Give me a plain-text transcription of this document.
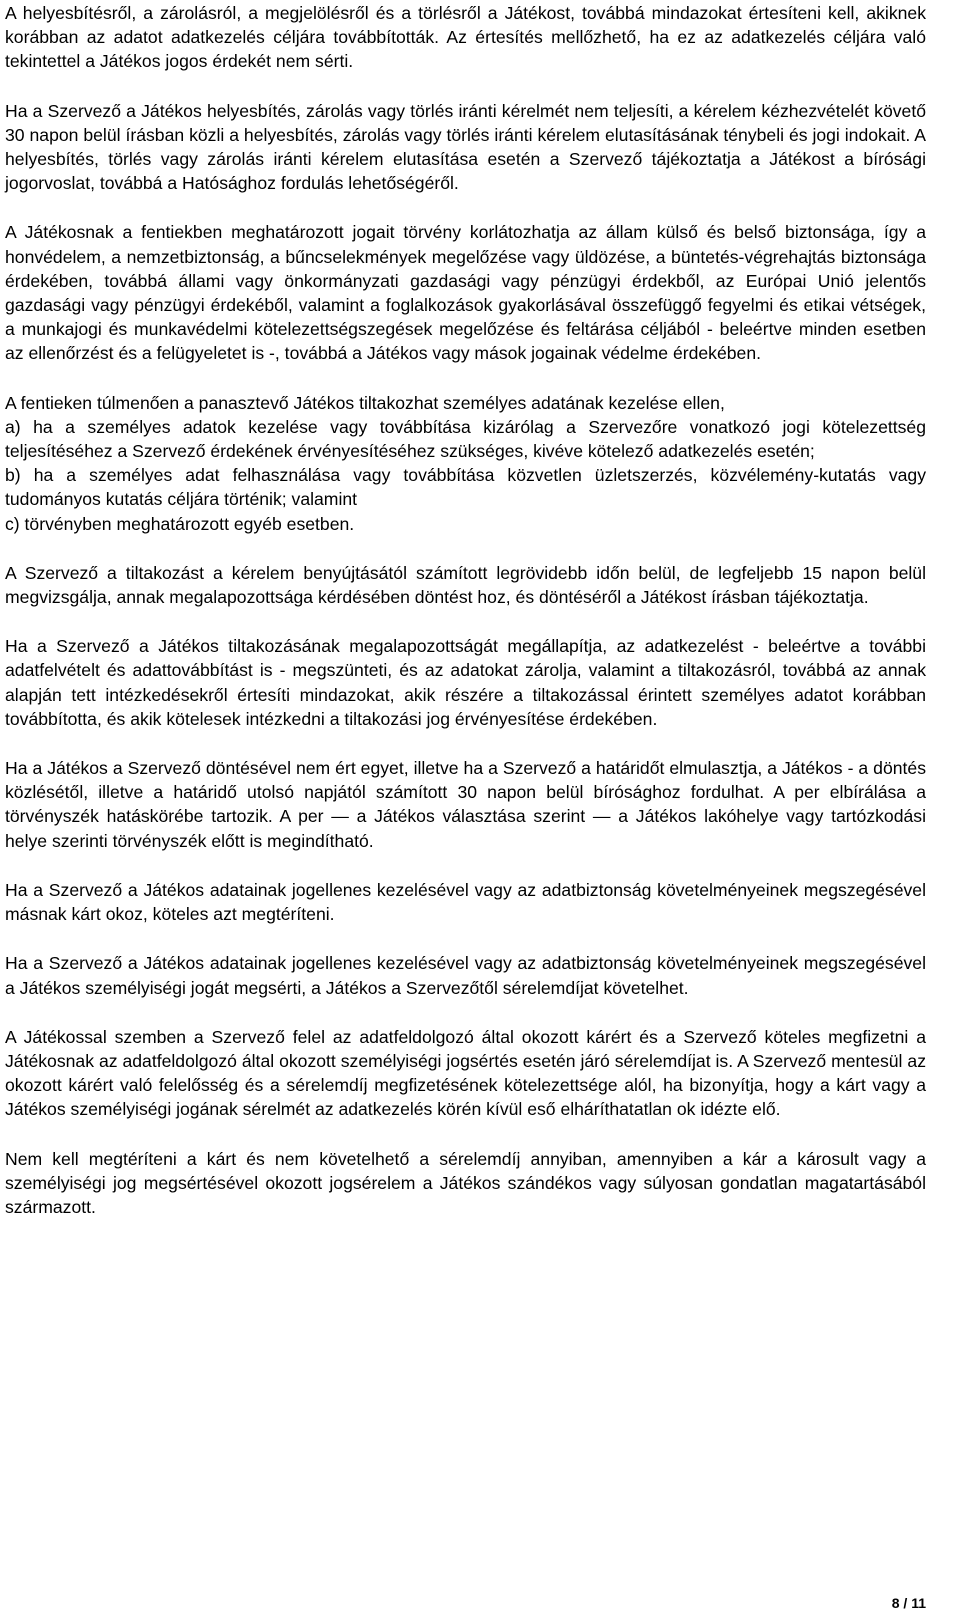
A helyesbítésről, a zárolásról, a megjelölésről és a törlésről a Játékost, továbbá mindazokat értesíteni kell, akiknek korábban az adatot adatkezelés céljára továbbították. Az értesítés mellőzhető, ha ez az adatkezelés céljára való tekintettel a Játékos jogos érdekét nem sérti.

Ha a Szervező a Játékos helyesbítés, zárolás vagy törlés iránti kérelmét nem teljesíti, a kérelem kézhezvételét követő 30 napon belül írásban közli a helyesbítés, zárolás vagy törlés iránti kérelem elutasításának ténybeli és jogi indokait. A helyesbítés, törlés vagy zárolás iránti kérelem elutasítása esetén a Szervező tájékoztatja a Játékost a bírósági jogorvoslat, továbbá a Hatósághoz fordulás lehetőségéről.

A Játékosnak a fentiekben meghatározott jogait törvény korlátozhatja az állam külső és belső biztonsága, így a honvédelem, a nemzetbiztonság, a bűncselekmények megelőzése vagy üldözése, a büntetés-végrehajtás biztonsága érdekében, továbbá állami vagy önkormányzati gazdasági vagy pénzügyi érdekből, az Európai Unió jelentős gazdasági vagy pénzügyi érdekéből, valamint a foglalkozások gyakorlásával összefüggő fegyelmi és etikai vétségek, a munkajogi és munkavédelmi kötelezettségszegések megelőzése és feltárása céljából - beleértve minden esetben az ellenőrzést és a felügyeletet is -, továbbá a Játékos vagy mások jogainak védelme érdekében.

A fentieken túlmenően a panasztevő Játékos tiltakozhat személyes adatának kezelése ellen,

a) ha a személyes adatok kezelése vagy továbbítása kizárólag a Szervezőre vonatkozó jogi kötelezettség teljesítéséhez a Szervező érdekének érvényesítéséhez szükséges, kivéve kötelező adatkezelés esetén;

b) ha a személyes adat felhasználása vagy továbbítása közvetlen üzletszerzés, közvélemény-kutatás vagy tudományos kutatás céljára történik; valamint

c) törvényben meghatározott egyéb esetben.

A Szervező a tiltakozást a kérelem benyújtásától számított legrövidebb időn belül, de legfeljebb 15 napon belül megvizsgálja, annak megalapozottsága kérdésében döntést hoz, és döntéséről a Játékost írásban tájékoztatja.

Ha a Szervező a Játékos tiltakozásának megalapozottságát megállapítja, az adatkezelést - beleértve a további adatfelvételt és adattovábbítást is - megszünteti, és az adatokat zárolja, valamint a tiltakozásról, továbbá az annak alapján tett intézkedésekről értesíti mindazokat, akik részére a tiltakozással érintett személyes adatot korábban továbbította, és akik kötelesek intézkedni a tiltakozási jog érvényesítése érdekében.

Ha a Játékos a Szervező döntésével nem ért egyet, illetve ha a Szervező a határidőt elmulasztja, a Játékos - a döntés közlésétől, illetve a határidő utolsó napjától számított 30 napon belül bírósághoz fordulhat. A per elbírálása a törvényszék hatáskörébe tartozik. A per — a Játékos választása szerint — a Játékos lakóhelye vagy tartózkodási helye szerinti törvényszék előtt is megindítható.

Ha a Szervező a Játékos adatainak jogellenes kezelésével vagy az adatbiztonság követelményeinek megszegésével másnak kárt okoz, köteles azt megtéríteni.

Ha a Szervező a Játékos adatainak jogellenes kezelésével vagy az adatbiztonság követelményeinek megszegésével a Játékos személyiségi jogát megsérti, a Játékos a Szervezőtől sérelemdíjat követelhet.

A Játékossal szemben a Szervező felel az adatfeldolgozó által okozott kárért és a Szervező köteles megfizetni a Játékosnak az adatfeldolgozó által okozott személyiségi jogsértés esetén járó sérelemdíjat is. A Szervező mentesül az okozott kárért való felelősség és a sérelemdíj megfizetésének kötelezettsége alól, ha bizonyítja, hogy a kárt vagy a Játékos személyiségi jogának sérelmét az adatkezelés körén kívül eső elháríthatatlan ok idézte elő.

Nem kell megtéríteni a kárt és nem követelhető a sérelemdíj annyiban, amennyiben a kár a károsult vagy a személyiségi jog megsértésével okozott jogsérelem a Játékos szándékos vagy súlyosan gondatlan magatartásából származott.

8 / 11
